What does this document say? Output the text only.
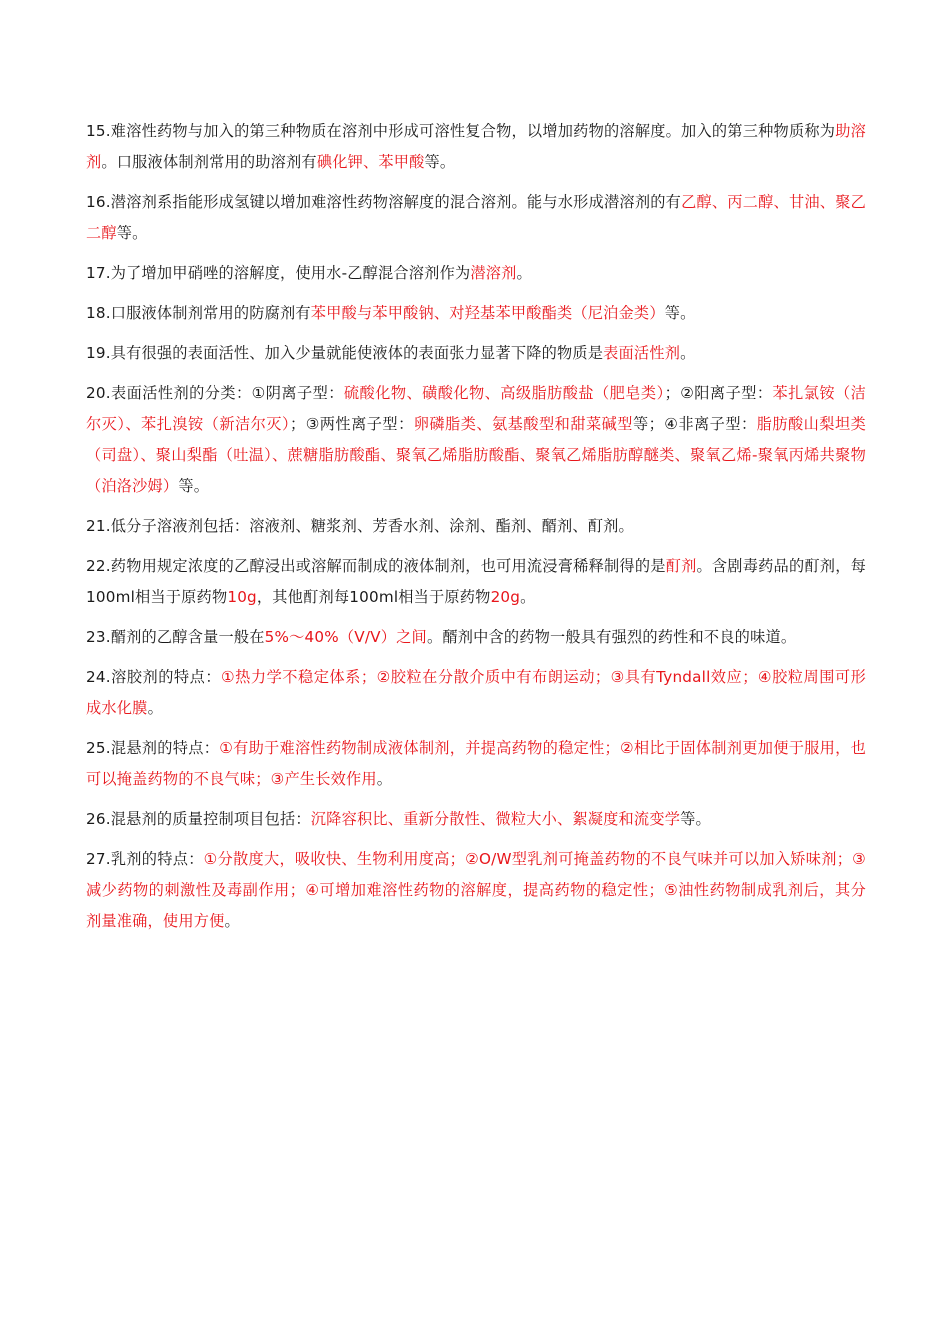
15.难溶性药物与加入的第三种物质在溶剂中形成可溶性复合物，以增加药物的溶解度。加入的第三种物质称为助溶剂。口服液体制剂常用的助溶剂有碘化钾、苯甲酸等。

16.潜溶剂系指能形成氢键以增加难溶性药物溶解度的混合溶剂。能与水形成潜溶剂的有乙醇、丙二醇、甘油、聚乙二醇等。

17.为了增加甲硝唑的溶解度，使用水-乙醇混合溶剂作为潜溶剂。

18.口服液体制剂常用的防腐剂有苯甲酸与苯甲酸钠、对羟基苯甲酸酯类（尼泊金类）等。

19.具有很强的表面活性、加入少量就能使液体的表面张力显著下降的物质是表面活性剂。

20.表面活性剂的分类：①阴离子型：硫酸化物、磺酸化物、高级脂肪酸盐（肥皂类）；②阳离子型：苯扎氯铵（洁尔灭）、苯扎溴铵（新洁尔灭）；③两性离子型：卵磷脂类、氨基酸型和甜菜碱型等；④非离子型：脂肪酸山梨坦类（司盘）、聚山梨酯（吐温）、蔗糖脂肪酸酯、聚氧乙烯脂肪酸酯、聚氧乙烯脂肪醇醚类、聚氧乙烯-聚氧丙烯共聚物（泊洛沙姆）等。

21.低分子溶液剂包括：溶液剂、糖浆剂、芳香水剂、涂剂、酯剂、醑剂、酊剂。

22.药物用规定浓度的乙醇浸出或溶解而制成的液体制剂，也可用流浸膏稀释制得的是酊剂。含剧毒药品的酊剂，每100ml相当于原药物10g，其他酊剂每100ml相当于原药物20g。

23.醑剂的乙醇含量一般在5%～40%（V/V）之间。醑剂中含的药物一般具有强烈的药性和不良的味道。

24.溶胶剂的特点：①热力学不稳定体系；②胶粒在分散介质中有布朗运动；③具有Tyndall效应；④胶粒周围可形成水化膜。

25.混悬剂的特点：①有助于难溶性药物制成液体制剂，并提高药物的稳定性；②相比于固体制剂更加便于服用，也可以掩盖药物的不良气味；③产生长效作用。

26.混悬剂的质量控制项目包括：沉降容积比、重新分散性、微粒大小、絮凝度和流变学等。

27.乳剂的特点：①分散度大，吸收快、生物利用度高；②O/W型乳剂可掩盖药物的不良气味并可以加入矫味剂；③减少药物的刺激性及毒副作用；④可增加难溶性药物的溶解度，提高药物的稳定性；⑤油性药物制成乳剂后，其分剂量准确，使用方便。
